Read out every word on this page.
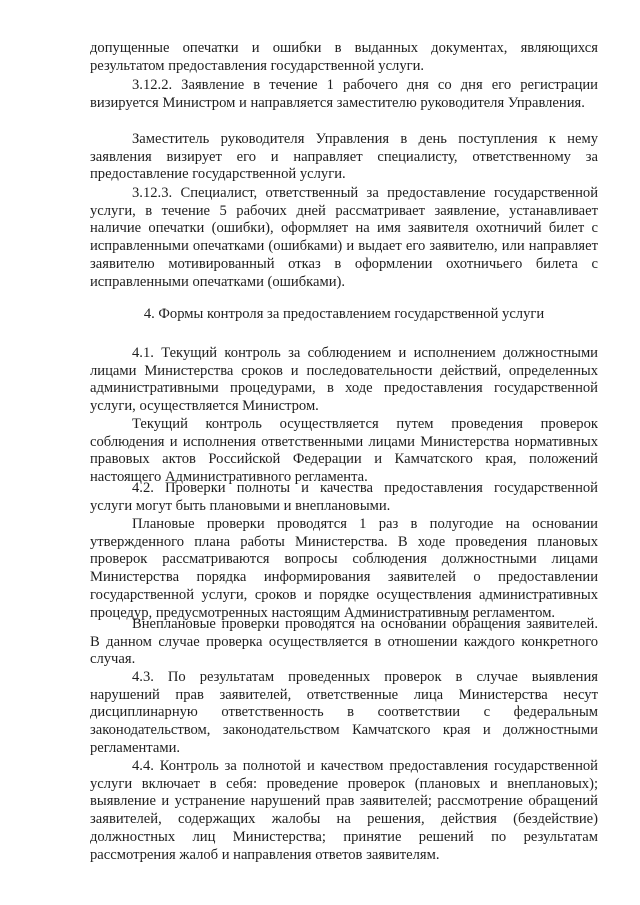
допущенные опечатки и ошибки в выданных документах, являющихся результатом предоставления государственной услуги.

3.12.2. Заявление в течение 1 рабочего дня со дня его регистрации визируется Министром и направляется заместителю руководителя Управления.

Заместитель руководителя Управления в день поступления к нему заявления визирует его и направляет специалисту, ответственному за предоставление государственной услуги.

3.12.3. Специалист, ответственный за предоставление государственной услуги, в течение 5 рабочих дней рассматривает заявление, устанавливает наличие опечатки (ошибки), оформляет на имя заявителя охотничий билет с исправленными опечатками (ошибками) и выдает его заявителю, или направляет заявителю мотивированный отказ в оформлении охотничьего билета с исправленными опечатками (ошибками).

4. Формы контроля за предоставлением государственной услуги

4.1. Текущий контроль за соблюдением и исполнением должностными лицами Министерства сроков и последовательности действий, определенных административными процедурами, в ходе предоставления государственной услуги, осуществляется Министром.

Текущий контроль осуществляется путем проведения проверок соблюдения и исполнения ответственными лицами Министерства нормативных правовых актов Российской Федерации и Камчатского края, положений настоящего Административного регламента.

4.2. Проверки полноты и качества предоставления государственной услуги могут быть плановыми и внеплановыми.

Плановые проверки проводятся 1 раз в полугодие на основании утвержденного плана работы Министерства. В ходе проведения плановых проверок рассматриваются вопросы соблюдения должностными лицами Министерства порядка информирования заявителей о предоставлении государственной услуги, сроков и порядке осуществления административных процедур, предусмотренных настоящим Административным регламентом.

Внеплановые проверки проводятся на основании обращения заявителей. В данном случае проверка осуществляется в отношении каждого конкретного случая.

4.3. По результатам проведенных проверок в случае выявления нарушений прав заявителей, ответственные лица Министерства несут дисциплинарную ответственность в соответствии с федеральным законодательством, законодательством Камчатского края и должностными регламентами.

4.4. Контроль за полнотой и качеством предоставления государственной услуги включает в себя: проведение проверок (плановых и внеплановых); выявление и устранение нарушений прав заявителей; рассмотрение обращений заявителей, содержащих жалобы на решения, действия (бездействие) должностных лиц Министерства; принятие решений по результатам рассмотрения жалоб и направления ответов заявителям.
